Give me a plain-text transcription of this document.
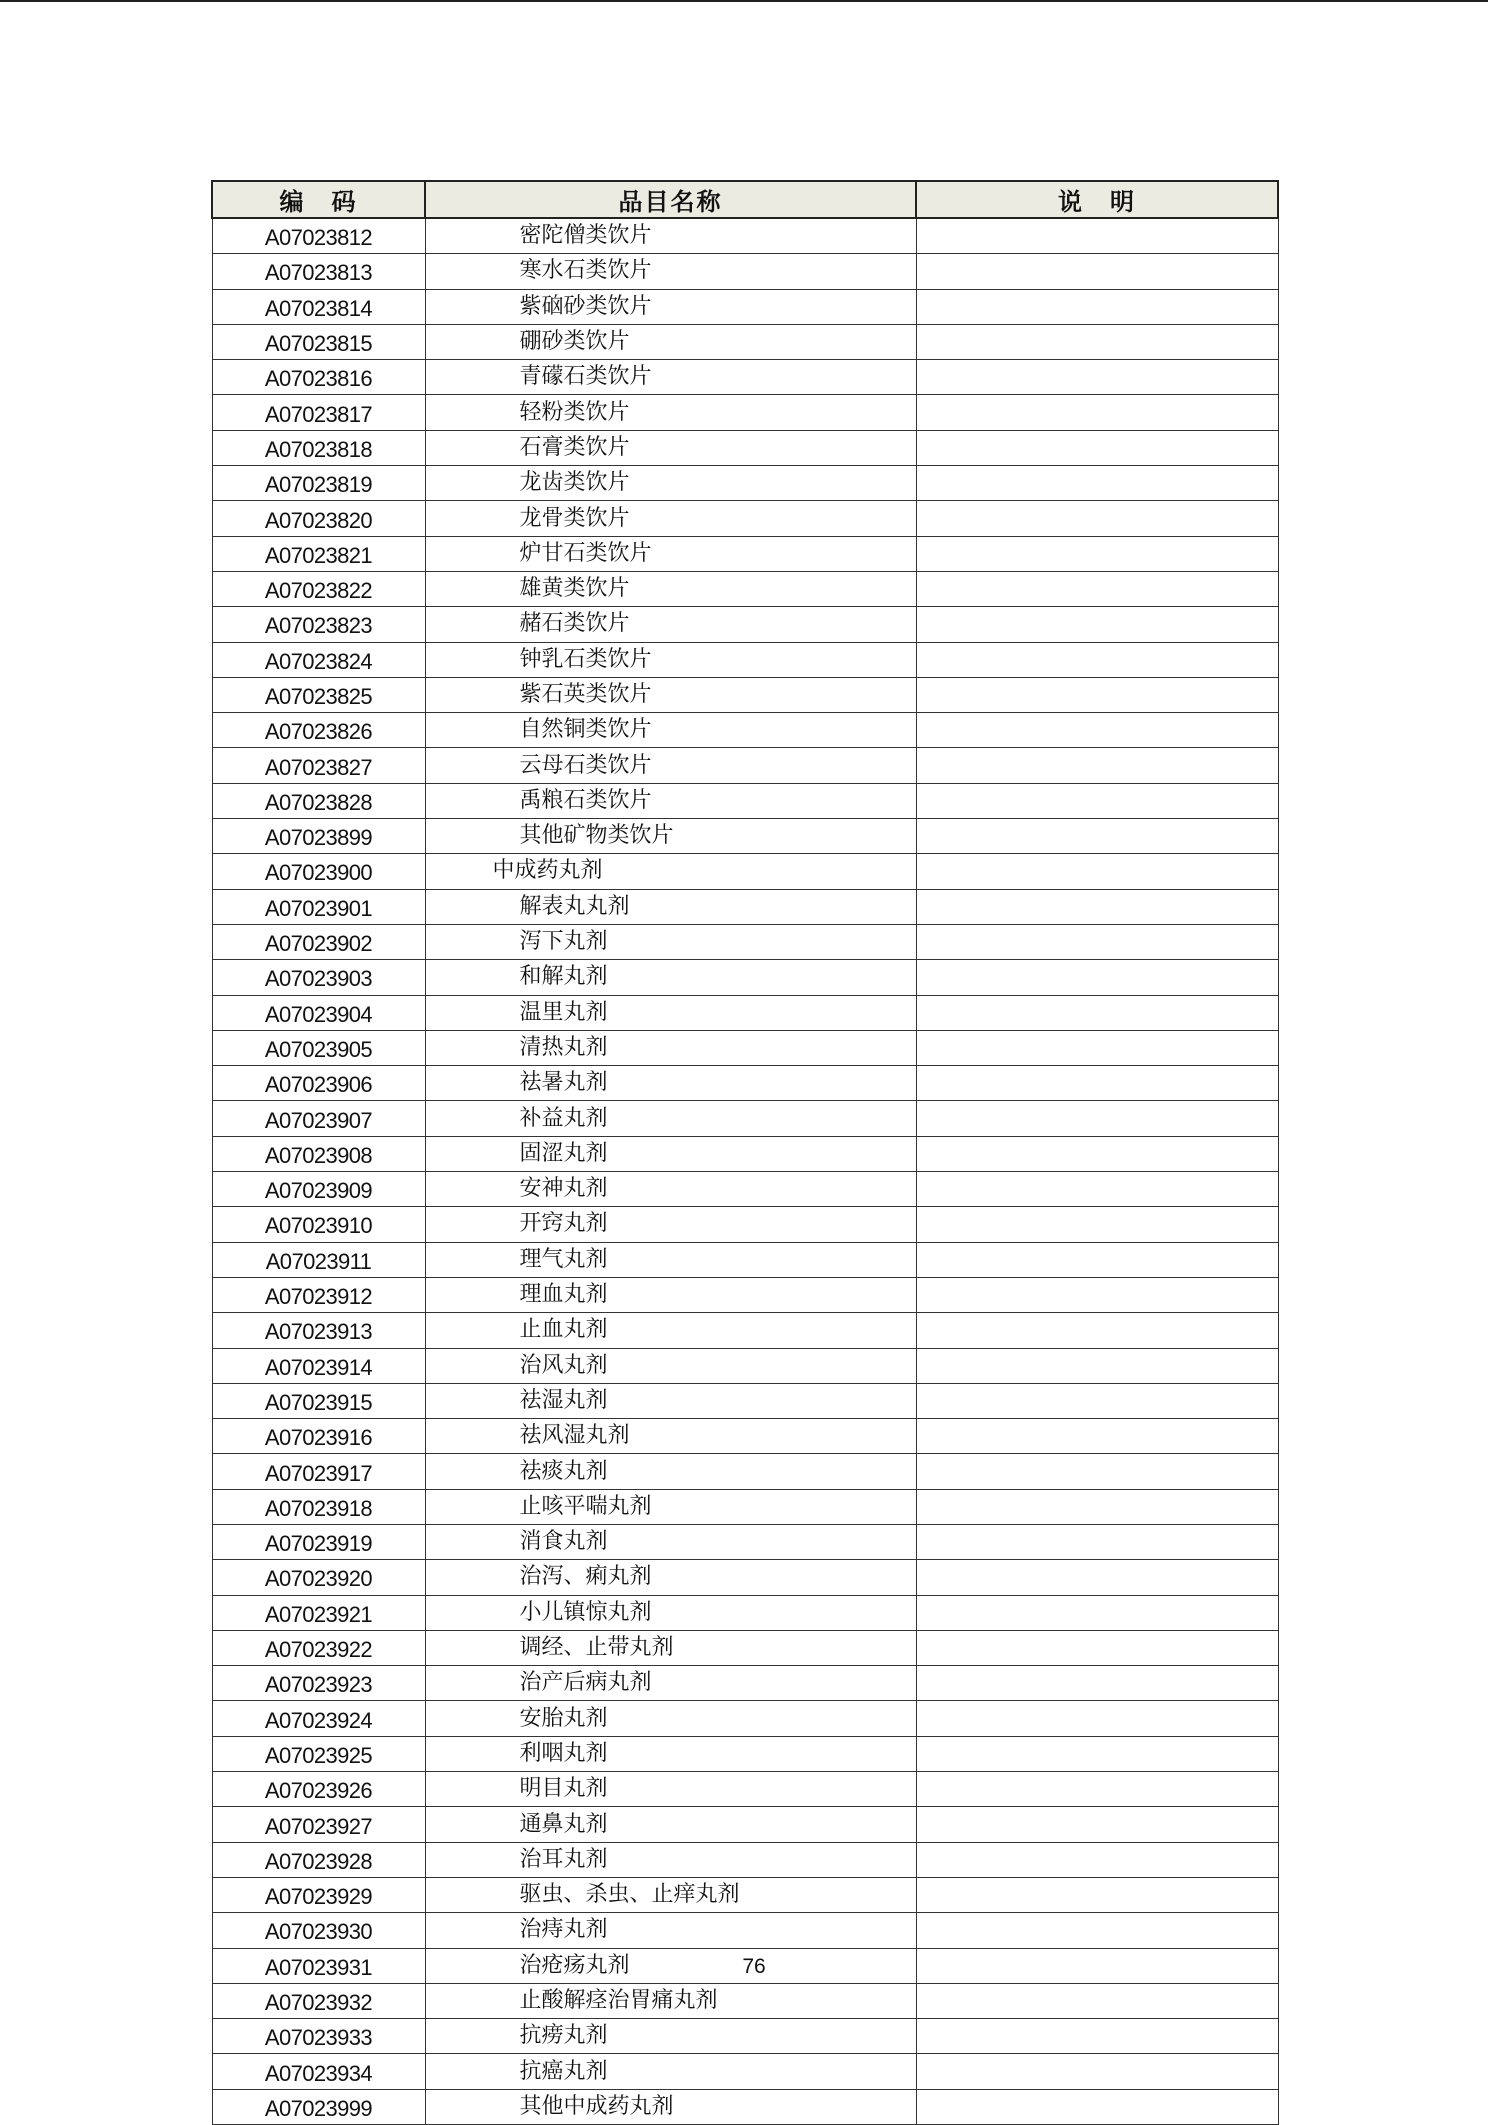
编　码	品目名称	说　明
A07023812	密陀僧类饮片	
A07023813	寒水石类饮片	
A07023814	紫硇砂类饮片	
A07023815	硼砂类饮片	
A07023816	青礞石类饮片	
A07023817	轻粉类饮片	
A07023818	石膏类饮片	
A07023819	龙齿类饮片	
A07023820	龙骨类饮片	
A07023821	炉甘石类饮片	
A07023822	雄黄类饮片	
A07023823	赭石类饮片	
A07023824	钟乳石类饮片	
A07023825	紫石英类饮片	
A07023826	自然铜类饮片	
A07023827	云母石类饮片	
A07023828	禹粮石类饮片	
A07023899	其他矿物类饮片	
A07023900	中成药丸剂	
A07023901	解表丸丸剂	
A07023902	泻下丸剂	
A07023903	和解丸剂	
A07023904	温里丸剂	
A07023905	清热丸剂	
A07023906	祛暑丸剂	
A07023907	补益丸剂	
A07023908	固涩丸剂	
A07023909	安神丸剂	
A07023910	开窍丸剂	
A07023911	理气丸剂	
A07023912	理血丸剂	
A07023913	止血丸剂	
A07023914	治风丸剂	
A07023915	祛湿丸剂	
A07023916	祛风湿丸剂	
A07023917	祛痰丸剂	
A07023918	止咳平喘丸剂	
A07023919	消食丸剂	
A07023920	治泻、痢丸剂	
A07023921	小儿镇惊丸剂	
A07023922	调经、止带丸剂	
A07023923	治产后病丸剂	
A07023924	安胎丸剂	
A07023925	利咽丸剂	
A07023926	明目丸剂	
A07023927	通鼻丸剂	
A07023928	治耳丸剂	
A07023929	驱虫、杀虫、止痒丸剂	
A07023930	治痔丸剂	
A07023931	治疮疡丸剂	
A07023932	止酸解痉治胃痛丸剂	
A07023933	抗痨丸剂	
A07023934	抗癌丸剂	
A07023999	其他中成药丸剂	
76
